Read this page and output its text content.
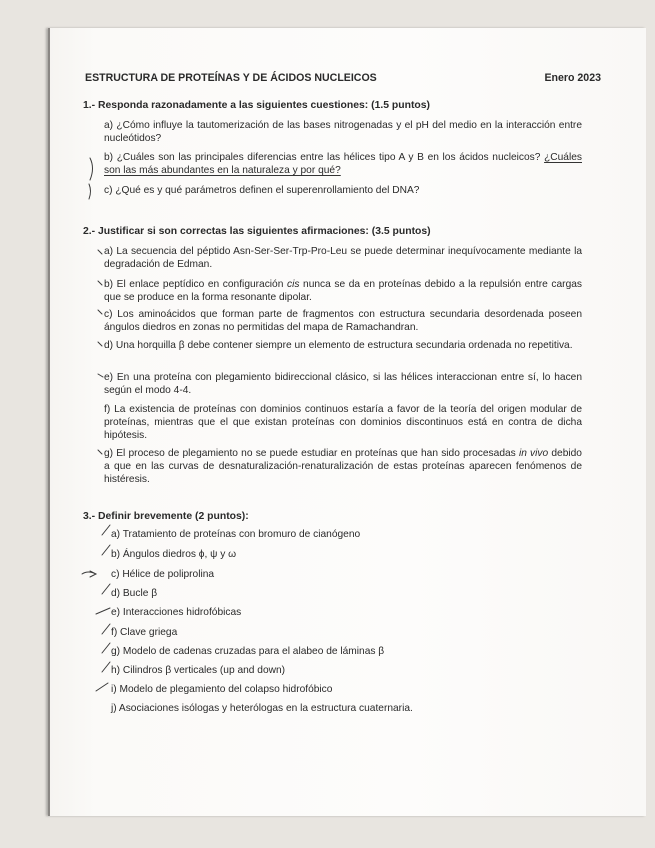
ESTRUCTURA DE PROTEÍNAS Y DE ÁCIDOS NUCLEICOS	Enero 2023
1.- Responda razonadamente a las siguientes cuestiones: (1.5 puntos)
a) ¿Cómo influye la tautomerización de las bases nitrogenadas y el pH del medio en la interacción entre nucleótidos?
b) ¿Cuáles son las principales diferencias entre las hélices tipo A y B en los ácidos nucleicos? ¿Cuáles son las más abundantes en la naturaleza y por qué?
c) ¿Qué es y qué parámetros definen el superenrollamiento del DNA?
2.- Justificar si son correctas las siguientes afirmaciones: (3.5 puntos)
a) La secuencia del péptido Asn-Ser-Ser-Trp-Pro-Leu se puede determinar inequívocamente mediante la degradación de Edman.
b) El enlace peptídico en configuración cis nunca se da en proteínas debido a la repulsión entre cargas que se produce en la forma resonante dipolar.
c) Los aminoácidos que forman parte de fragmentos con estructura secundaria desordenada poseen ángulos diedros en zonas no permitidas del mapa de Ramachandran.
d) Una horquilla β debe contener siempre un elemento de estructura secundaria ordenada no repetitiva.
e) En una proteína con plegamiento bidireccional clásico, si las hélices interaccionan entre sí, lo hacen según el modo 4-4.
f) La existencia de proteínas con dominios continuos estaría a favor de la teoría del origen modular de proteínas, mientras que el que existan proteínas con dominios discontinuos está en contra de dicha hipótesis.
g) El proceso de plegamiento no se puede estudiar en proteínas que han sido procesadas in vivo debido a que en las curvas de desnaturalización-renaturalización de estas proteínas aparecen fenómenos de histéresis.
3.- Definir brevemente (2 puntos):
a) Tratamiento de proteínas con bromuro de cianógeno
b) Ángulos diedros ϕ, ψ y ω
c) Hélice de poliprolina
d) Bucle β
e) Interacciones hidrofóbicas
f) Clave griega
g) Modelo de cadenas cruzadas para el alabeo de láminas β
h) Cilindros β verticales (up and down)
i) Modelo de plegamiento del colapso hidrofóbico
j) Asociaciones isólogas y heterólogas en la estructura cuaternaria.
